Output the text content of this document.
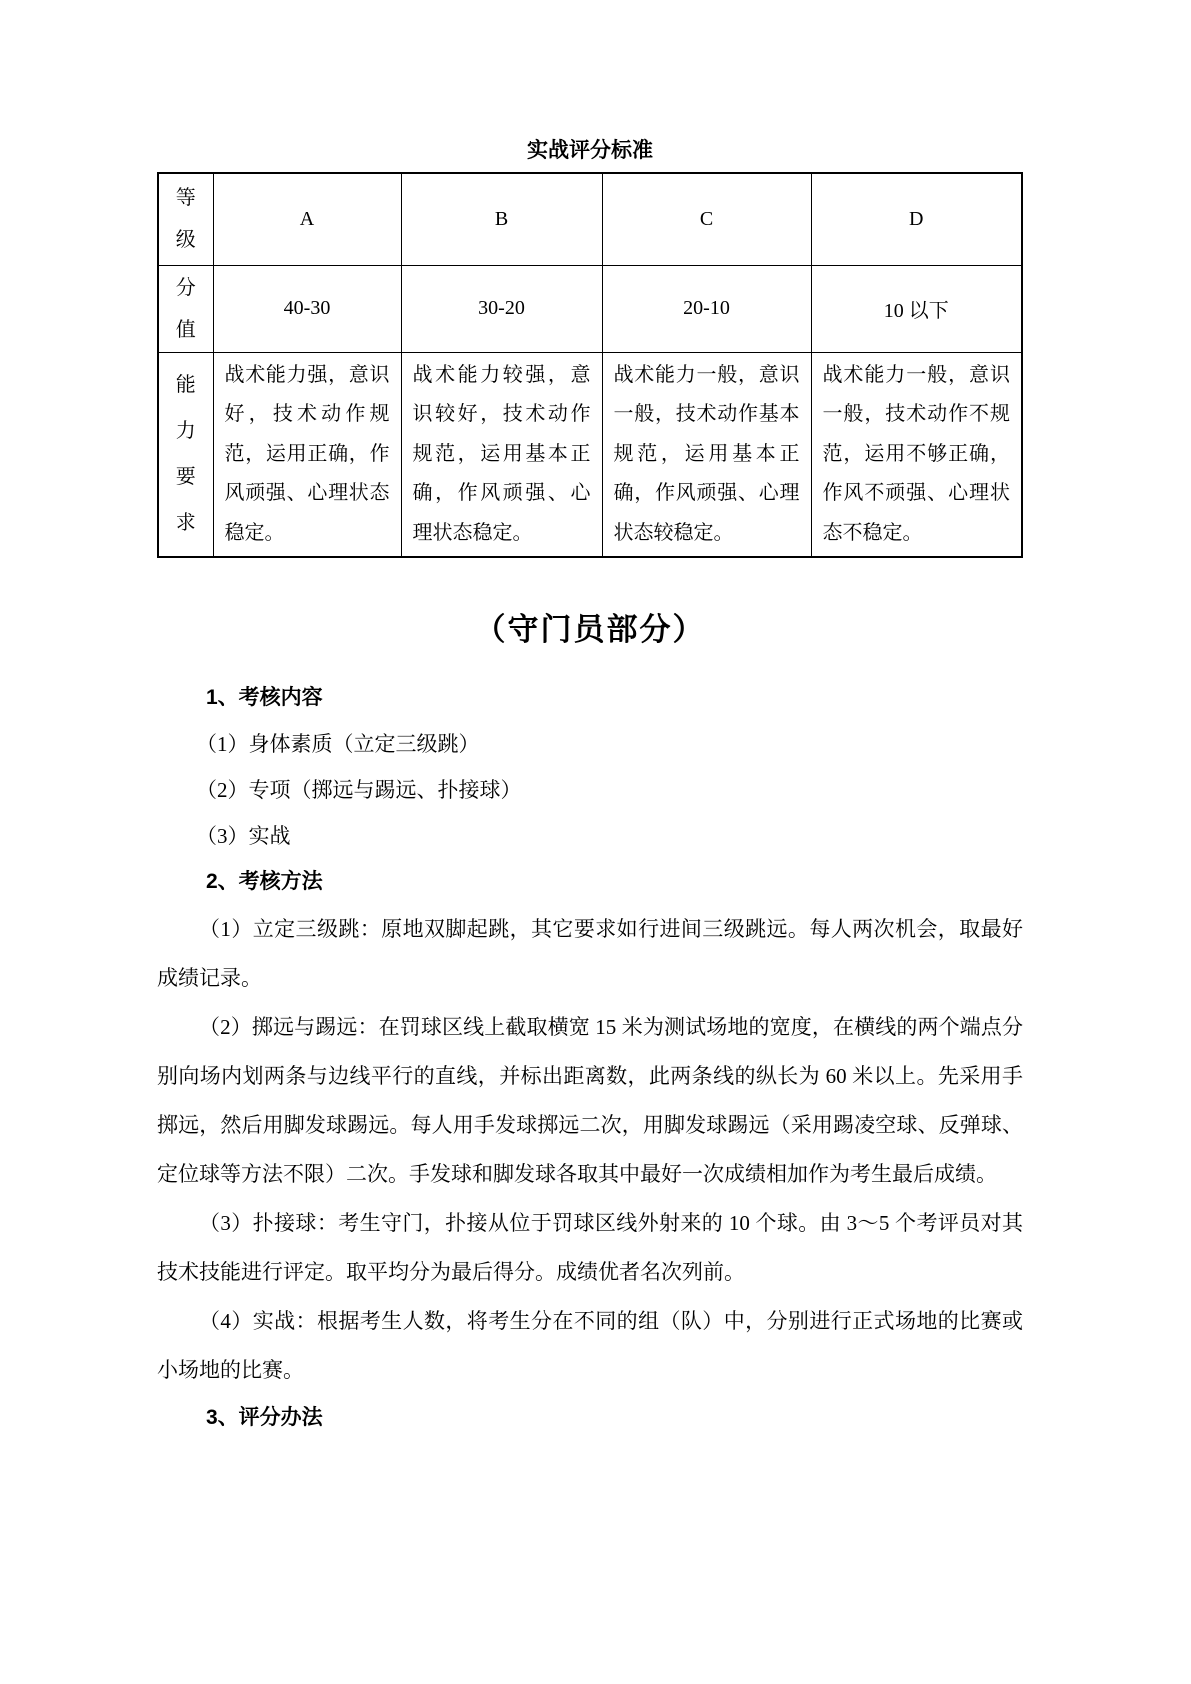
实战评分标准
等级	A	B	C	D

分值	40-30	30-20	20-10	10 以下

能力要求	战术能力强，意识好，技术动作规范，运用正确，作风顽强、心理状态稳定。	战术能力较强，意识较好，技术动作规范，运用基本正确，作风顽强、心理状态稳定。	战术能力一般，意识一般，技术动作基本规范，运用基本正确，作风顽强、心理状态较稳定。	战术能力一般，意识一般，技术动作不规范，运用不够正确，作风不顽强、心理状态不稳定。
（守门员部分）
1、考核内容
（1）身体素质（立定三级跳）
（2）专项（掷远与踢远、扑接球）
（3）实战
2、考核方法
（1）立定三级跳：原地双脚起跳，其它要求如行进间三级跳远。每人两次机会，取最好成绩记录。
（2）掷远与踢远：在罚球区线上截取横宽 15 米为测试场地的宽度，在横线的两个端点分别向场内划两条与边线平行的直线，并标出距离数，此两条线的纵长为 60 米以上。先采用手掷远，然后用脚发球踢远。每人用手发球掷远二次，用脚发球踢远（采用踢凌空球、反弹球、定位球等方法不限）二次。手发球和脚发球各取其中最好一次成绩相加作为考生最后成绩。
（3）扑接球：考生守门，扑接从位于罚球区线外射来的 10 个球。由 3～5 个考评员对其技术技能进行评定。取平均分为最后得分。成绩优者名次列前。
（4）实战：根据考生人数，将考生分在不同的组（队）中，分别进行正式场地的比赛或小场地的比赛。
3、评分办法
